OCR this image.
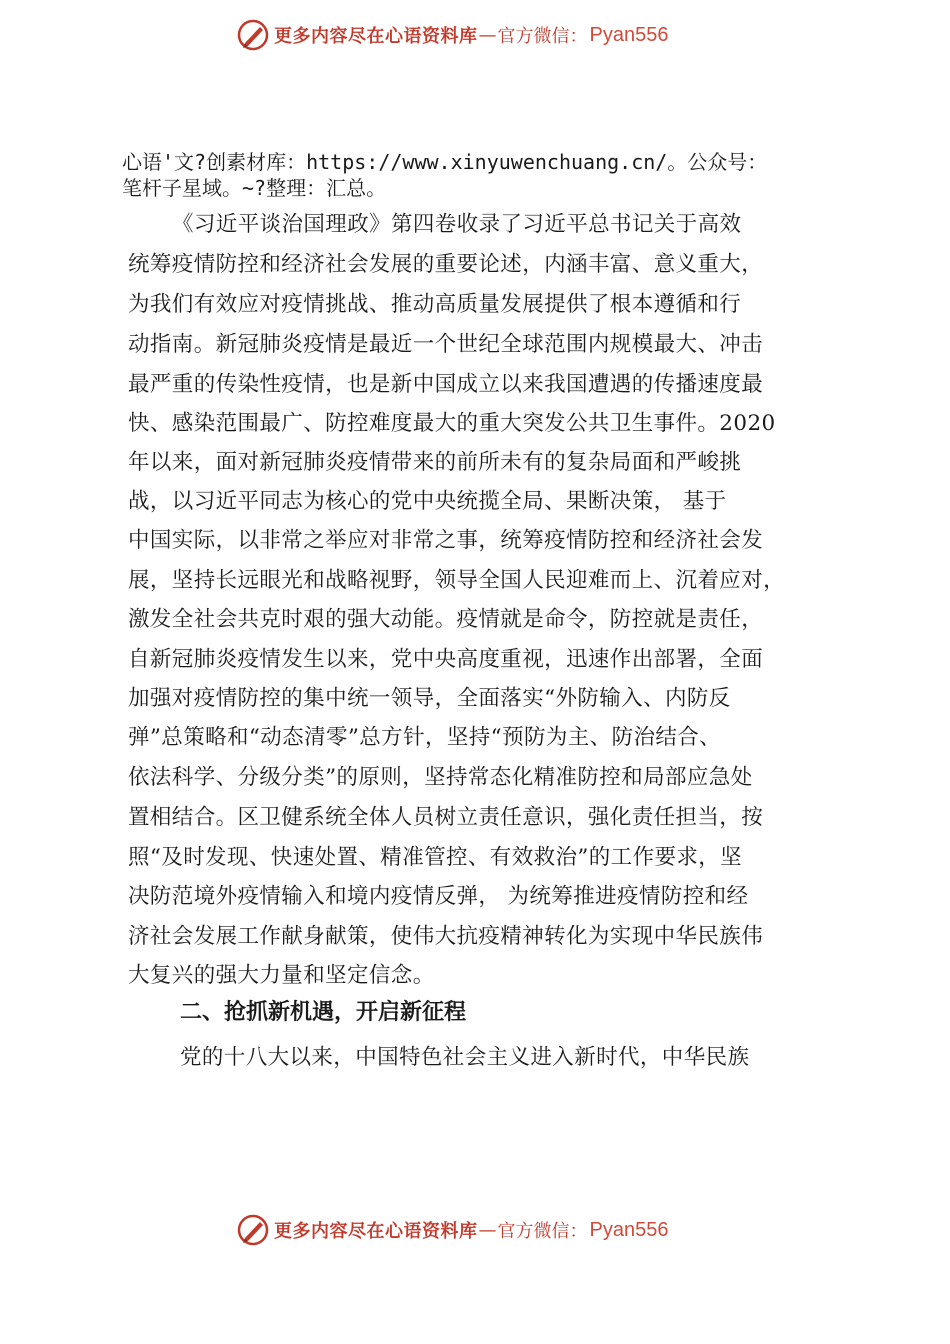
更多内容尽在心语资料库 — 官方微信： Pyan556
心语'文?创素材库：https://www.xinyuwenchuang.cn/。公众号：
笔杆子星域。~?整理：汇总。
《习近平谈治国理政》第四卷收录了习近平总书记关于高效
统筹疫情防控和经济社会发展的重要论述，内涵丰富、意义重大，
为我们有效应对疫情挑战、推动高质量发展提供了根本遵循和行
动指南。新冠肺炎疫情是最近一个世纪全球范围内规模最大、冲击
最严重的传染性疫情，也是新中国成立以来我国遭遇的传播速度最
快、感染范围最广、防控难度最大的重大突发公共卫生事件。2020
年以来，面对新冠肺炎疫情带来的前所未有的复杂局面和严峻挑
战，以习近平同志为核心的党中央统揽全局、果断决策， 基于
中国实际，以非常之举应对非常之事，统筹疫情防控和经济社会发
展，坚持长远眼光和战略视野，领导全国人民迎难而上、沉着应对，
激发全社会共克时艰的强大动能。疫情就是命令，防控就是责任，
自新冠肺炎疫情发生以来，党中央高度重视，迅速作出部署，全面
加强对疫情防控的集中统一领导，全面落实“外防输入、内防反
弹”总策略和“动态清零”总方针，坚持“预防为主、防治结合、
依法科学、分级分类”的原则，坚持常态化精准防控和局部应急处
置相结合。区卫健系统全体人员树立责任意识，强化责任担当，按
照“及时发现、快速处置、精准管控、有效救治”的工作要求，坚
决防范境外疫情输入和境内疫情反弹， 为统筹推进疫情防控和经
济社会发展工作献身献策，使伟大抗疫精神转化为实现中华民族伟
大复兴的强大力量和坚定信念。
二、抢抓新机遇，开启新征程
党的十八大以来，中国特色社会主义进入新时代，中华民族
更多内容尽在心语资料库 — 官方微信： Pyan556
